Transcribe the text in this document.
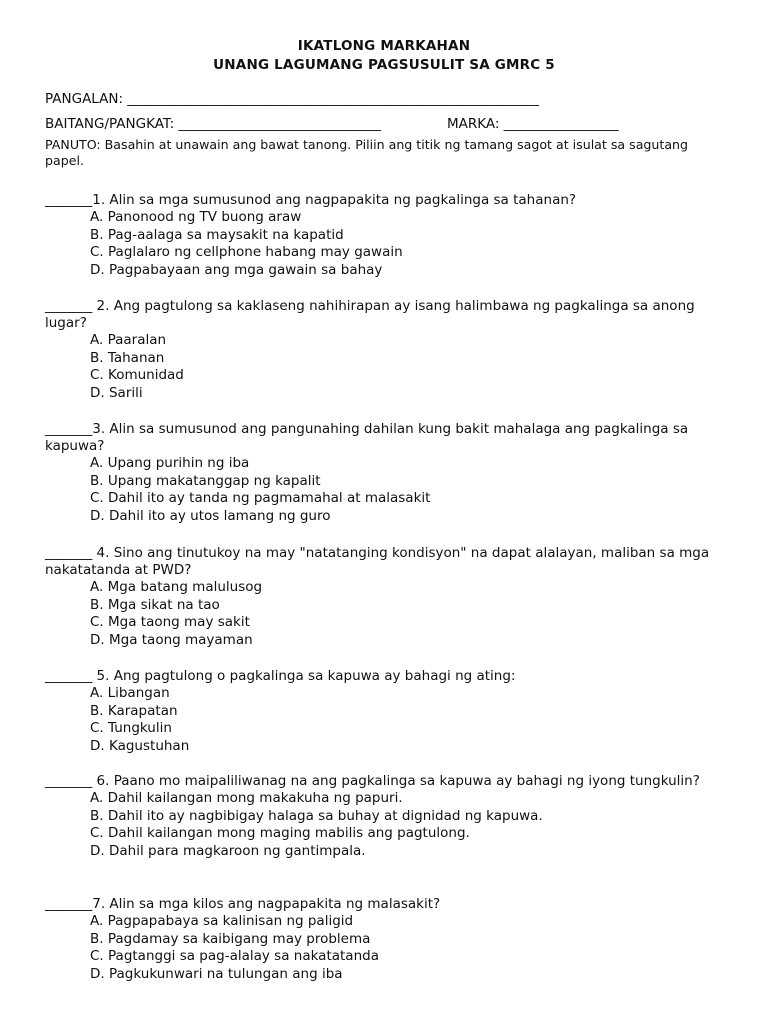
IKATLONG MARKAHAN
UNANG LAGUMANG PAGSUSULIT SA GMRC 5
PANGALAN: _____________________________________________________________
BAITANG/PANGKAT: ______________________________	MARKA: _________________
PANUTO: Basahin at unawain ang bawat tanong. Piliin ang titik ng tamang sagot at isulat sa sagutang papel.
_______1. Alin sa mga sumusunod ang nagpapakita ng pagkalinga sa tahanan?
A. Panonood ng TV buong araw
B. Pag-aalaga sa maysakit na kapatid
C. Paglalaro ng cellphone habang may gawain
D. Pagpabayaan ang mga gawain sa bahay
_______ 2. Ang pagtulong sa kaklaseng nahihirapan ay isang halimbawa ng pagkalinga sa anong lugar?
A. Paaralan
B. Tahanan
C. Komunidad
D. Sarili
_______3. Alin sa sumusunod ang pangunahing dahilan kung bakit mahalaga ang pagkalinga sa kapuwa?
A. Upang purihin ng iba
B. Upang makatanggap ng kapalit
C. Dahil ito ay tanda ng pagmamahal at malasakit
D. Dahil ito ay utos lamang ng guro
_______ 4. Sino ang tinutukoy na may "natatanging kondisyon" na dapat alalayan, maliban sa mga nakatatanda at PWD?
A. Mga batang malulusog
B. Mga sikat na tao
C. Mga taong may sakit
D. Mga taong mayaman
_______ 5. Ang pagtulong o pagkalinga sa kapuwa ay bahagi ng ating:
A. Libangan
B. Karapatan
C. Tungkulin
D. Kagustuhan
_______ 6. Paano mo maipaliliwanag na ang pagkalinga sa kapuwa ay bahagi ng iyong tungkulin?
A. Dahil kailangan mong makakuha ng papuri.
B. Dahil ito ay nagbibigay halaga sa buhay at dignidad ng kapuwa.
C. Dahil kailangan mong maging mabilis ang pagtulong.
D. Dahil para magkaroon ng gantimpala.
_______7. Alin sa mga kilos ang nagpapakita ng malasakit?
A. Pagpapabaya sa kalinisan ng paligid
B. Pagdamay sa kaibigang may problema
C. Pagtanggi sa pag-alalay sa nakatatanda
D. Pagkukunwari na tulungan ang iba
